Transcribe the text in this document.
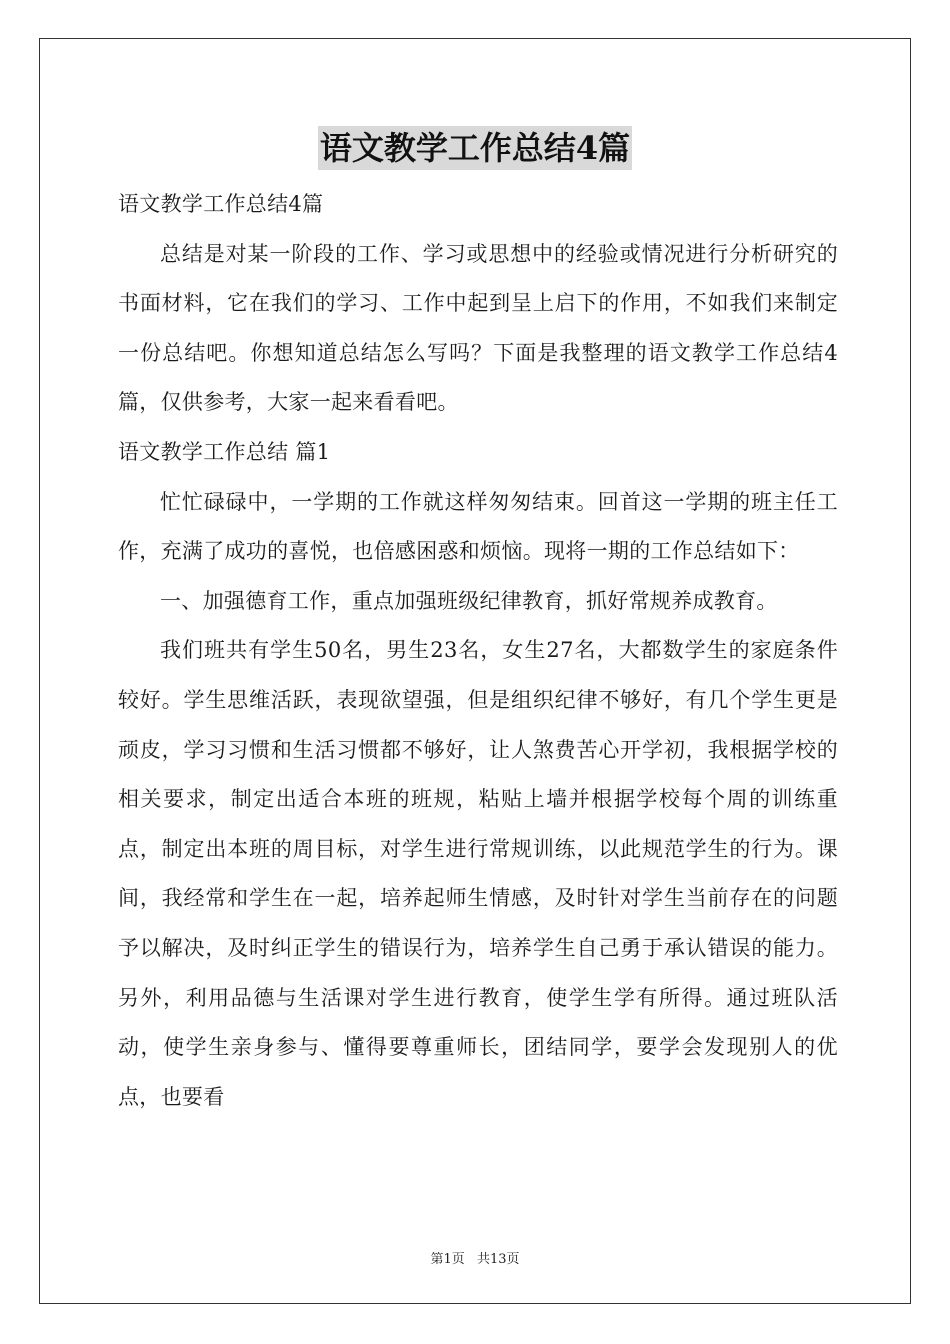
语文教学工作总结4篇

语文教学工作总结4篇

总结是对某一阶段的工作、学习或思想中的经验或情况进行分析研究的书面材料，它在我们的学习、工作中起到呈上启下的作用，不如我们来制定一份总结吧。你想知道总结怎么写吗？下面是我整理的语文教学工作总结4篇，仅供参考，大家一起来看看吧。

语文教学工作总结 篇1

忙忙碌碌中，一学期的工作就这样匆匆结束。回首这一学期的班主任工作，充满了成功的喜悦，也倍感困惑和烦恼。现将一期的工作总结如下：

一、加强德育工作，重点加强班级纪律教育，抓好常规养成教育。

我们班共有学生50名，男生23名，女生27名，大都数学生的家庭条件较好。学生思维活跃，表现欲望强，但是组织纪律不够好，有几个学生更是顽皮，学习习惯和生活习惯都不够好，让人煞费苦心开学初，我根据学校的相关要求，制定出适合本班的班规，粘贴上墙并根据学校每个周的训练重点，制定出本班的周目标，对学生进行常规训练，以此规范学生的行为。课间，我经常和学生在一起，培养起师生情感，及时针对学生当前存在的问题予以解决，及时纠正学生的错误行为，培养学生自己勇于承认错误的能力。另外，利用品德与生活课对学生进行教育，使学生学有所得。通过班队活动，使学生亲身参与、懂得要尊重师长，团结同学，要学会发现别人的优点，也要看

第1页 共13页
